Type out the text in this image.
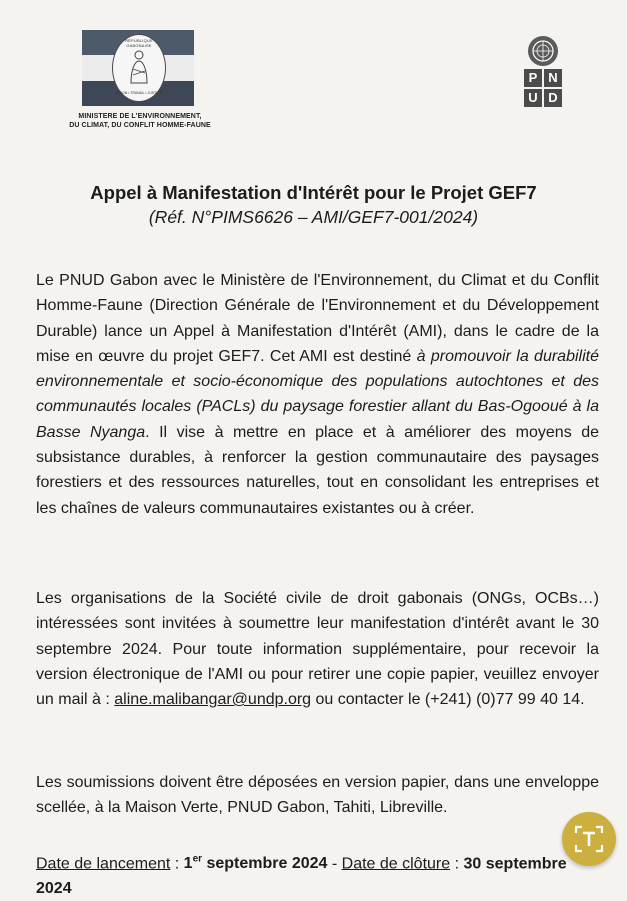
RÉPUBLIQUE GABONAISE
UNION • TRAVAIL • JUSTICE
MINISTERE DE L'ENVIRONNEMENT,
DU CLIMAT, DU CONFLIT HOMME-FAUNE
P N
U D
Appel à Manifestation d'Intérêt pour le Projet GEF7
(Réf. N°PIMS6626 – AMI/GEF7-001/2024)
Le PNUD Gabon avec le Ministère de l'Environnement, du Climat et du Conflit Homme-Faune (Direction Générale de l'Environnement et du Développement Durable) lance un Appel à Manifestation d'Intérêt (AMI), dans le cadre de la mise en œuvre du projet GEF7. Cet AMI est destiné à promouvoir la durabilité environnementale et socio-économique des populations autochtones et des communautés locales (PACLs) du paysage forestier allant du Bas-Ogooué à la Basse Nyanga. Il vise à mettre en place et à améliorer des moyens de subsistance durables, à renforcer la gestion communautaire des paysages forestiers et des ressources naturelles, tout en consolidant les entreprises et les chaînes de valeurs communautaires existantes ou à créer.
Les organisations de la Société civile de droit gabonais (ONGs, OCBs…) intéressées sont invitées à soumettre leur manifestation d'intérêt avant le 30 septembre 2024. Pour toute information supplémentaire, pour recevoir la version électronique de l'AMI ou pour retirer une copie papier, veuillez envoyer un mail à : aline.malibangar@undp.org ou contacter le (+241) (0)77 99 40 14.
Les soumissions doivent être déposées en version papier, dans une enveloppe scellée, à la Maison Verte, PNUD Gabon, Tahiti, Libreville.
Date de lancement : 1er septembre 2024 - Date de clôture : 30 septembre 2024
